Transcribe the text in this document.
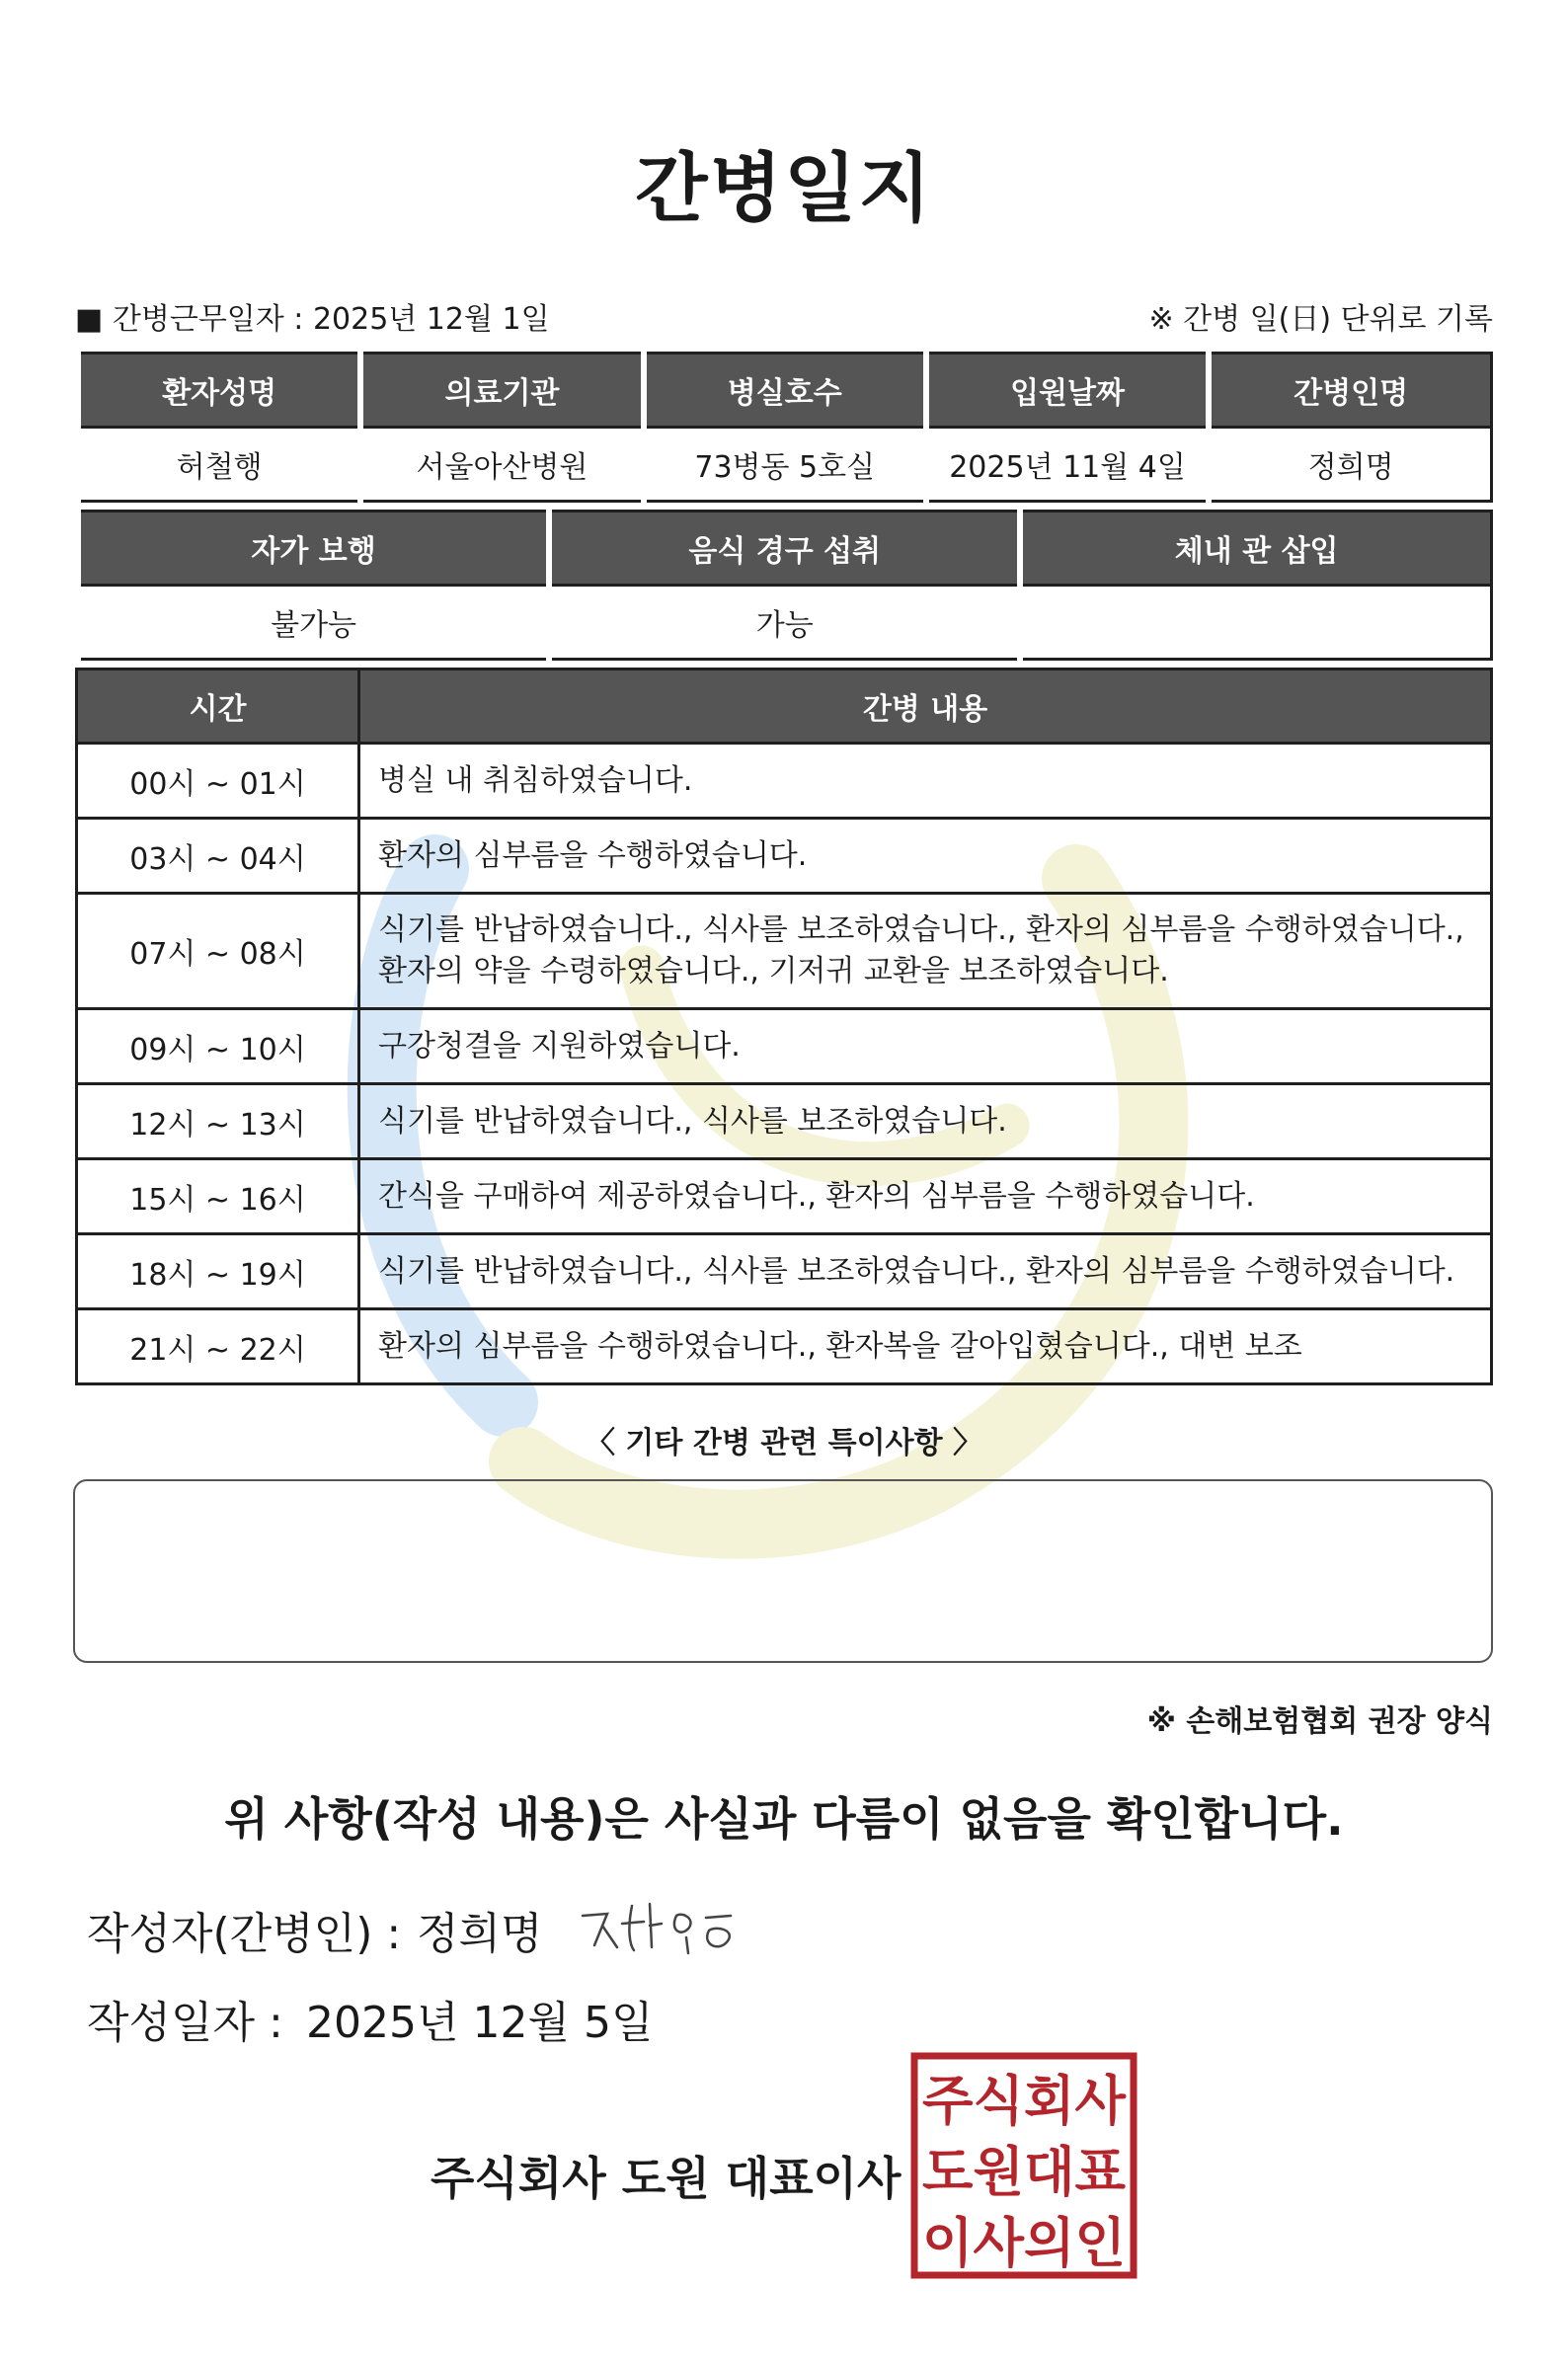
간병일지
■ 간병근무일자 : 2025년 12월 1일	※ 간병 일(日) 단위로 기록
환자성명	의료기관	병실호수	입원날짜	간병인명
허철행	서울아산병원	73병동 5호실	2025년 11월 4일	정희명
자가 보행	음식 경구 섭취	체내 관 삽입
불가능	가능	
시간	간병 내용
00시 ~ 01시	병실 내 취침하였습니다.
03시 ~ 04시	환자의 심부름을 수행하였습니다.
07시 ~ 08시	식기를 반납하였습니다., 식사를 보조하였습니다., 환자의 심부름을 수행하였습니다., 환자의 약을 수령하였습니다., 기저귀 교환을 보조하였습니다.
09시 ~ 10시	구강청결을 지원하였습니다.
12시 ~ 13시	식기를 반납하였습니다., 식사를 보조하였습니다.
15시 ~ 16시	간식을 구매하여 제공하였습니다., 환자의 심부름을 수행하였습니다.
18시 ~ 19시	식기를 반납하였습니다., 식사를 보조하였습니다., 환자의 심부름을 수행하였습니다.
21시 ~ 22시	환자의 심부름을 수행하였습니다., 환자복을 갈아입혔습니다., 대변 보조
〈 기타 간병 관련 특이사항 〉
※ 손해보험협회 권장 양식
위 사항(작성 내용)은 사실과 다름이 없음을 확인합니다.
작성자(간병인) : 정희명
작성일자 : 2025년 12월 5일
주식회사 도원 대표이사
주식회사
도원대표
이사의인
